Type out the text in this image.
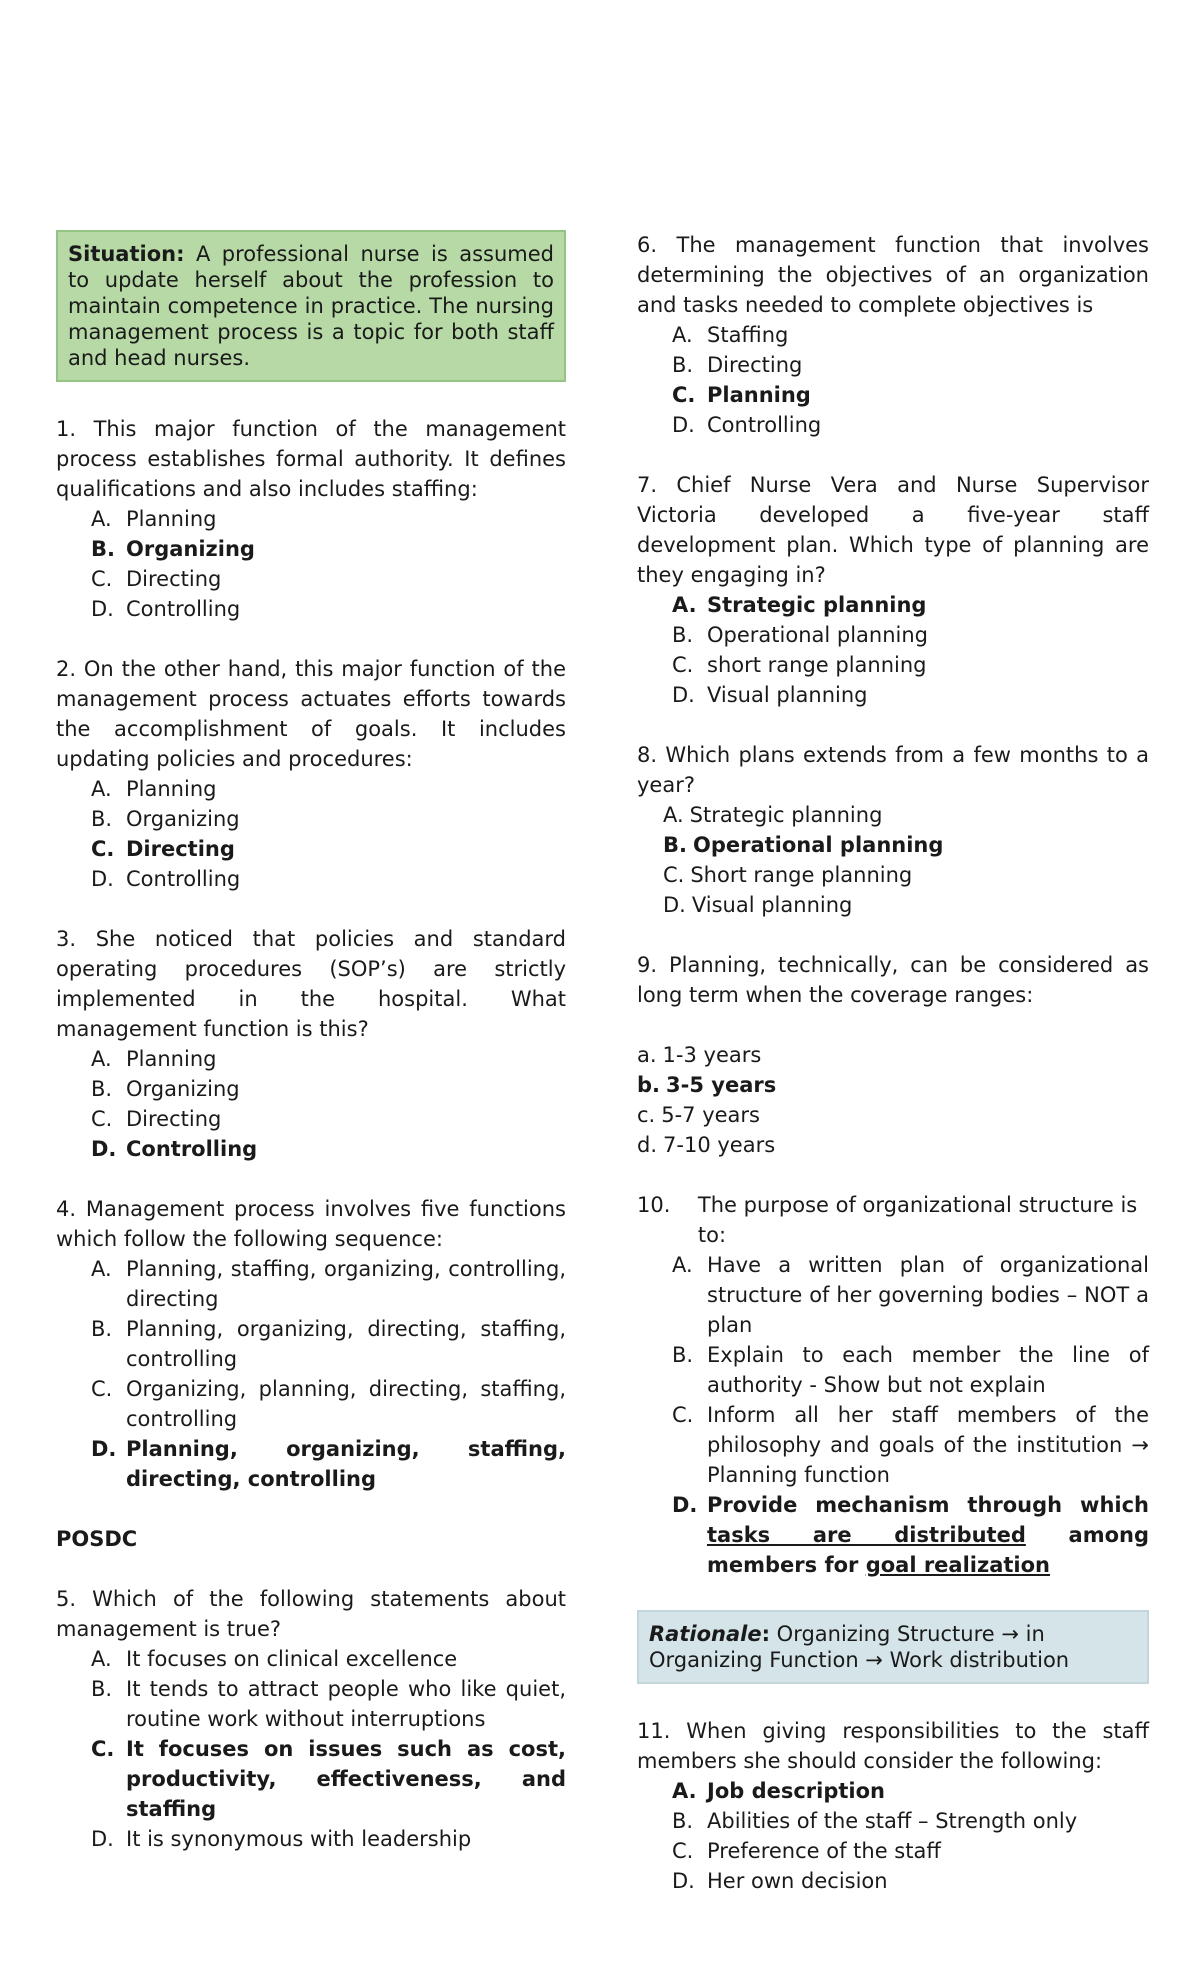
Situation: A professional nurse is assumed to update herself about the profession to maintain competence in practice. The nursing management process is a topic for both staff and head nurses.

1. This major function of the management process establishes formal authority. It defines qualifications and also includes staffing:

A. Planning
B. Organizing
C. Directing
D. Controlling

2. On the other hand, this major function of the management process actuates efforts towards the accomplishment of goals. It includes updating policies and procedures:

A. Planning
B. Organizing
C. Directing
D. Controlling

3. She noticed that policies and standard operating procedures (SOP’s) are strictly implemented in the hospital. What management function is this?

A. Planning
B. Organizing
C. Directing
D. Controlling

4. Management process involves five functions which follow the following sequence:

A. Planning, staffing, organizing, controlling, directing
B. Planning, organizing, directing, staffing, controlling
C. Organizing, planning, directing, staffing, controlling
D. Planning, organizing, staffing, directing, controlling

POSDC

5. Which of the following statements about management is true?

A. It focuses on clinical excellence
B. It tends to attract people who like quiet, routine work without interruptions
C. It focuses on issues such as cost, productivity, effectiveness, and staffing
D. It is synonymous with leadership

6. The management function that involves determining the objectives of an organization and tasks needed to complete objectives is

A. Staffing
B. Directing
C. Planning
D. Controlling

7. Chief Nurse Vera and Nurse Supervisor Victoria developed a five-year staff development plan. Which type of planning are they engaging in?

A. Strategic planning
B. Operational planning
C. short range planning
D. Visual planning

8. Which plans extends from a few months to a year?

A. Strategic planning
B. Operational planning
C. Short range planning
D. Visual planning

9. Planning, technically, can be considered as long term when the coverage ranges:

a. 1-3 years
b. 3-5 years
c. 5-7 years
d. 7-10 years
10.	The purpose of organizational structure is to:
A. Have a written plan of organizational structure of her governing bodies – NOT a plan
B. Explain to each member the line of authority - Show but not explain
C. Inform all her staff members of the philosophy and goals of the institution → Planning function
D. Provide mechanism through which tasks are distributed among members for goal realization
Rationale: Organizing Structure → in Organizing Function → Work distribution

11. When giving responsibilities to the staff members she should consider the following:

A. Job description
B. Abilities of the staff – Strength only
C. Preference of the staff
D. Her own decision
